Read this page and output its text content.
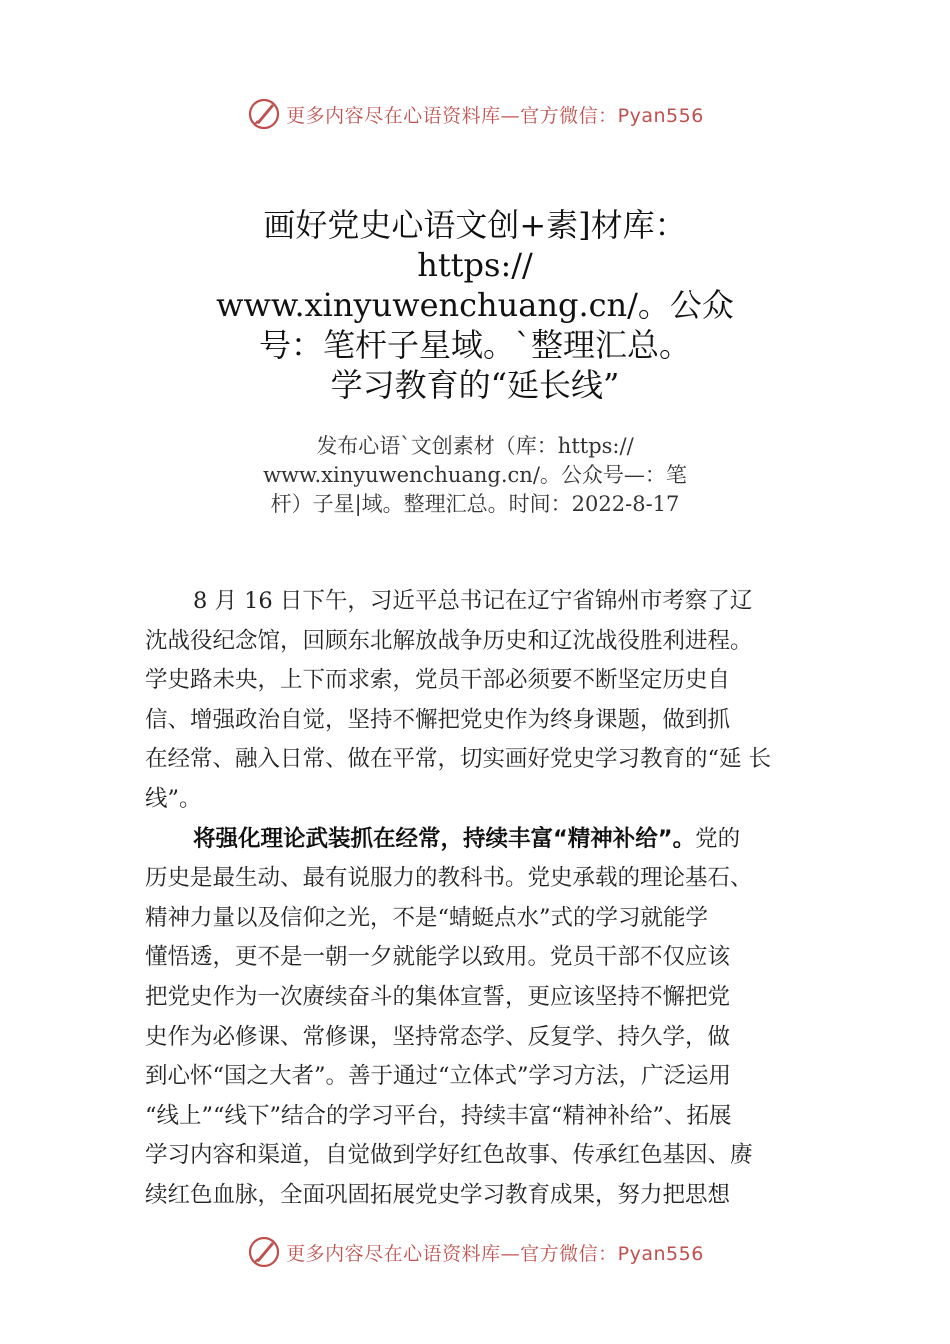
更多内容尽在心语资料库—官方微信：Pyan556
画好党史心语文创+素]材库：
https://
www.xinyuwenchuang.cn/。公众
号：笔杆子星域。`整理汇总。
学习教育的“延长线”
发布心语`文创素材（库：https://
www.xinyuwenchuang.cn/。公众号—：笔
杆）子星|域。整理汇总。时间：2022-8-17
8 月 16 日下午，习近平总书记在辽宁省锦州市考察了辽
沈战役纪念馆，回顾东北解放战争历史和辽沈战役胜利进程。
学史路未央，上下而求索，党员干部必须要不断坚定历史自
信、增强政治自觉，坚持不懈把党史作为终身课题，做到抓
在经常、融入日常、做在平常，切实画好党史学习教育的“延 长
线”。
将强化理论武装抓在经常，持续丰富“精神补给”。党的
历史是最生动、最有说服力的教科书。党史承载的理论基石、
精神力量以及信仰之光，不是“蜻蜓点水”式的学习就能学
懂悟透，更不是一朝一夕就能学以致用。党员干部不仅应该
把党史作为一次赓续奋斗的集体宣誓，更应该坚持不懈把党
史作为必修课、常修课，坚持常态学、反复学、持久学，做
到心怀“国之大者”。善于通过“立体式”学习方法，广泛运用
“线上”“线下”结合的学习平台，持续丰富“精神补给”、拓展
学习内容和渠道，自觉做到学好红色故事、传承红色基因、赓
续红色血脉，全面巩固拓展党史学习教育成果，努力把思想
更多内容尽在心语资料库—官方微信：Pyan556
